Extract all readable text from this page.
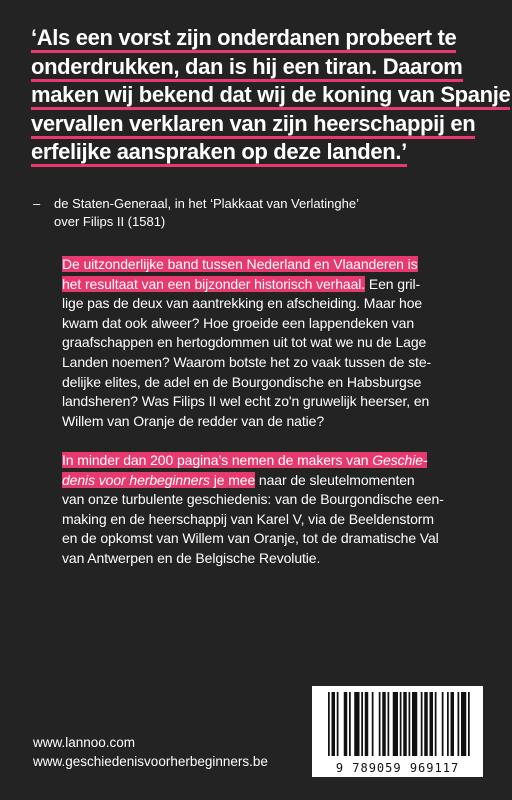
‘Als een vorst zijn onderdanen probeert te
onderdrukken, dan is hij een tiran. Daarom
maken wij bekend dat wij de koning van Spanje
vervallen verklaren van zijn heerschappij en
erfelijke aanspraken op deze landen.’
–	de Staten-Generaal, in het ‘Plakkaat van Verlatinghe’
over Filips II (1581)
De uitzonderlijke band tussen Nederland en Vlaanderen is
het resultaat van een bijzonder historisch verhaal. Een gril-
lige pas de deux van aantrekking en afscheiding. Maar hoe
kwam dat ook alweer? Hoe groeide een lappendeken van
graafschappen en hertogdommen uit tot wat we nu de Lage
Landen noemen? Waarom botste het zo vaak tussen de ste-
delijke elites, de adel en de Bourgondische en Habsburgse
landsheren? Was Filips II wel echt zo'n gruwelijk heerser, en
Willem van Oranje de redder van de natie?
In minder dan 200 pagina’s nemen de makers van Geschie-
denis voor herbeginners je mee naar de sleutelmomenten
van onze turbulente geschiedenis: van de Bourgondische een-
making en de heerschappij van Karel V, via de Beeldenstorm
en de opkomst van Willem van Oranje, tot de dramatische Val
van Antwerpen en de Belgische Revolutie.
www.lannoo.com
www.geschiedenisvoorherbeginners.be	9 789059 969117
